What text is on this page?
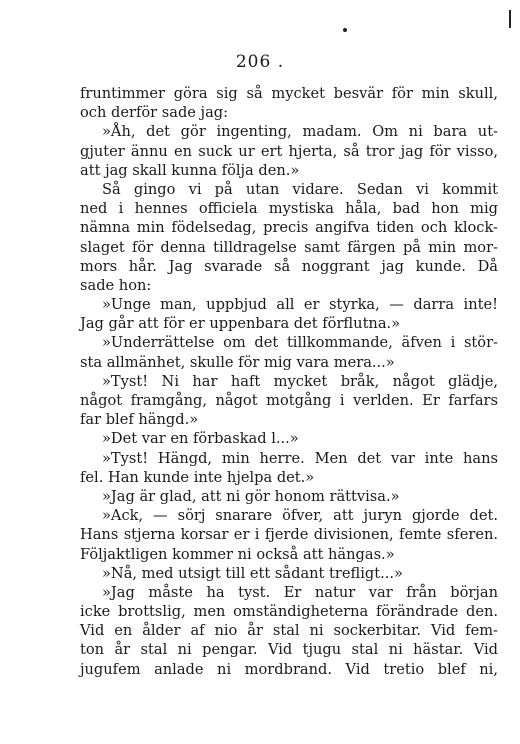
206 .
fruntimmer göra sig så mycket besvär för min skull,
och derför sade jag:
»Åh, det gör ingenting, madam. Om ni bara ut-
gjuter ännu en suck ur ert hjerta, så tror jag för visso,
att jag skall kunna följa den.»
Så gingo vi på utan vidare. Sedan vi kommit
ned i hennes officiela mystiska håla, bad hon mig
nämna min födelsedag, precis angifva tiden och klock-
slaget för denna tilldragelse samt färgen på min mor-
mors hår. Jag svarade så noggrant jag kunde. Då
sade hon:
»Unge man, uppbjud all er styrka, — darra inte!
Jag går att för er uppenbara det förflutna.»
»Underrättelse om det tillkommande, äfven i stör-
sta allmänhet, skulle för mig vara mera...»
»Tyst! Ni har haft mycket bråk, något glädje,
något framgång, något motgång i verlden. Er farfars
far blef hängd.»
»Det var en förbaskad l...»
»Tyst! Hängd, min herre. Men det var inte hans
fel. Han kunde inte hjelpa det.»
»Jag är glad, att ni gör honom rättvisa.»
»Ack, — sörj snarare öfver, att juryn gjorde det.
Hans stjerna korsar er i fjerde divisionen, femte sferen.
Följaktligen kommer ni också att hängas.»
»Nå, med utsigt till ett sådant trefligt...»
»Jag måste ha tyst. Er natur var från början
icke brottslig, men omständigheterna förändrade den.
Vid en ålder af nio år stal ni sockerbitar. Vid fem-
ton år stal ni pengar. Vid tjugu stal ni hästar. Vid
jugufem anlade ni mordbrand. Vid tretio blef ni,
